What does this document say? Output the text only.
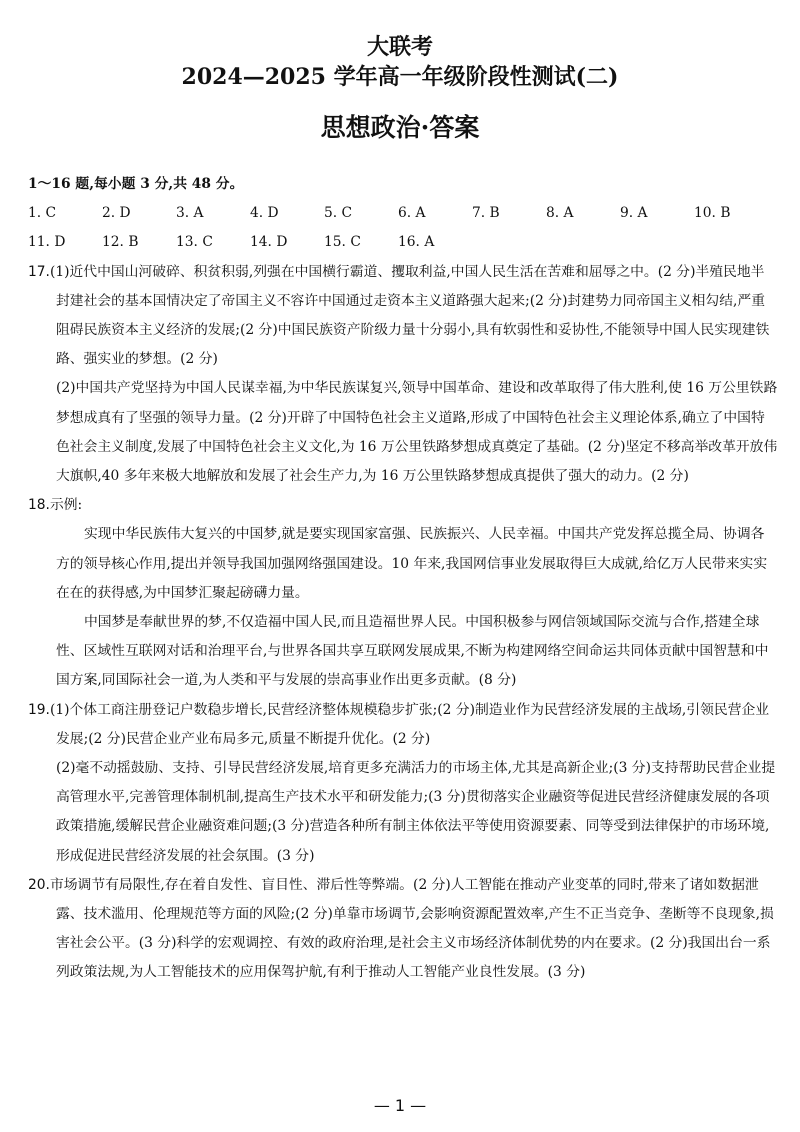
大联考
2024—2025 学年高一年级阶段性测试(二)
思想政治·答案
1～16 题,每小题 3 分,共 48 分。
1. C	2. D	3. A	4. D	5. C	6. A	7. B	8. A	9. A	10. B
11. D	12. B	13. C	14. D	15. C	16. A

17.(1)近代中国山河破碎、积贫积弱,列强在中国横行霸道、攫取利益,中国人民生活在苦难和屈辱之中。(2 分)半殖民地半封建社会的基本国情决定了帝国主义不容许中国通过走资本主义道路强大起来;(2 分)封建势力同帝国主义相勾结,严重阻碍民族资本主义经济的发展;(2 分)中国民族资产阶级力量十分弱小,具有软弱性和妥协性,不能领导中国人民实现建铁路、强实业的梦想。(2 分)

(2)中国共产党坚持为中国人民谋幸福,为中华民族谋复兴,领导中国革命、建设和改革取得了伟大胜利,使 16 万公里铁路梦想成真有了坚强的领导力量。(2 分)开辟了中国特色社会主义道路,形成了中国特色社会主义理论体系,确立了中国特色社会主义制度,发展了中国特色社会主义文化,为 16 万公里铁路梦想成真奠定了基础。(2 分)坚定不移高举改革开放伟大旗帜,40 多年来极大地解放和发展了社会生产力,为 16 万公里铁路梦想成真提供了强大的动力。(2 分)

18.示例:

实现中华民族伟大复兴的中国梦,就是要实现国家富强、民族振兴、人民幸福。中国共产党发挥总揽全局、协调各方的领导核心作用,提出并领导我国加强网络强国建设。10 年来,我国网信事业发展取得巨大成就,给亿万人民带来实实在在的获得感,为中国梦汇聚起磅礴力量。

中国梦是奉献世界的梦,不仅造福中国人民,而且造福世界人民。中国积极参与网信领域国际交流与合作,搭建全球性、区域性互联网对话和治理平台,与世界各国共享互联网发展成果,不断为构建网络空间命运共同体贡献中国智慧和中国方案,同国际社会一道,为人类和平与发展的崇高事业作出更多贡献。(8 分)

19.(1)个体工商注册登记户数稳步增长,民营经济整体规模稳步扩张;(2 分)制造业作为民营经济发展的主战场,引领民营企业发展;(2 分)民营企业产业布局多元,质量不断提升优化。(2 分)

(2)毫不动摇鼓励、支持、引导民营经济发展,培育更多充满活力的市场主体,尤其是高新企业;(3 分)支持帮助民营企业提高管理水平,完善管理体制机制,提高生产技术水平和研发能力;(3 分)贯彻落实企业融资等促进民营经济健康发展的各项政策措施,缓解民营企业融资难问题;(3 分)营造各种所有制主体依法平等使用资源要素、同等受到法律保护的市场环境,形成促进民营经济发展的社会氛围。(3 分)

20.市场调节有局限性,存在着自发性、盲目性、滞后性等弊端。(2 分)人工智能在推动产业变革的同时,带来了诸如数据泄露、技术滥用、伦理规范等方面的风险;(2 分)单靠市场调节,会影响资源配置效率,产生不正当竞争、垄断等不良现象,损害社会公平。(3 分)科学的宏观调控、有效的政府治理,是社会主义市场经济体制优势的内在要求。(2 分)我国出台一系列政策法规,为人工智能技术的应用保驾护航,有利于推动人工智能产业良性发展。(3 分)

— 1 —
